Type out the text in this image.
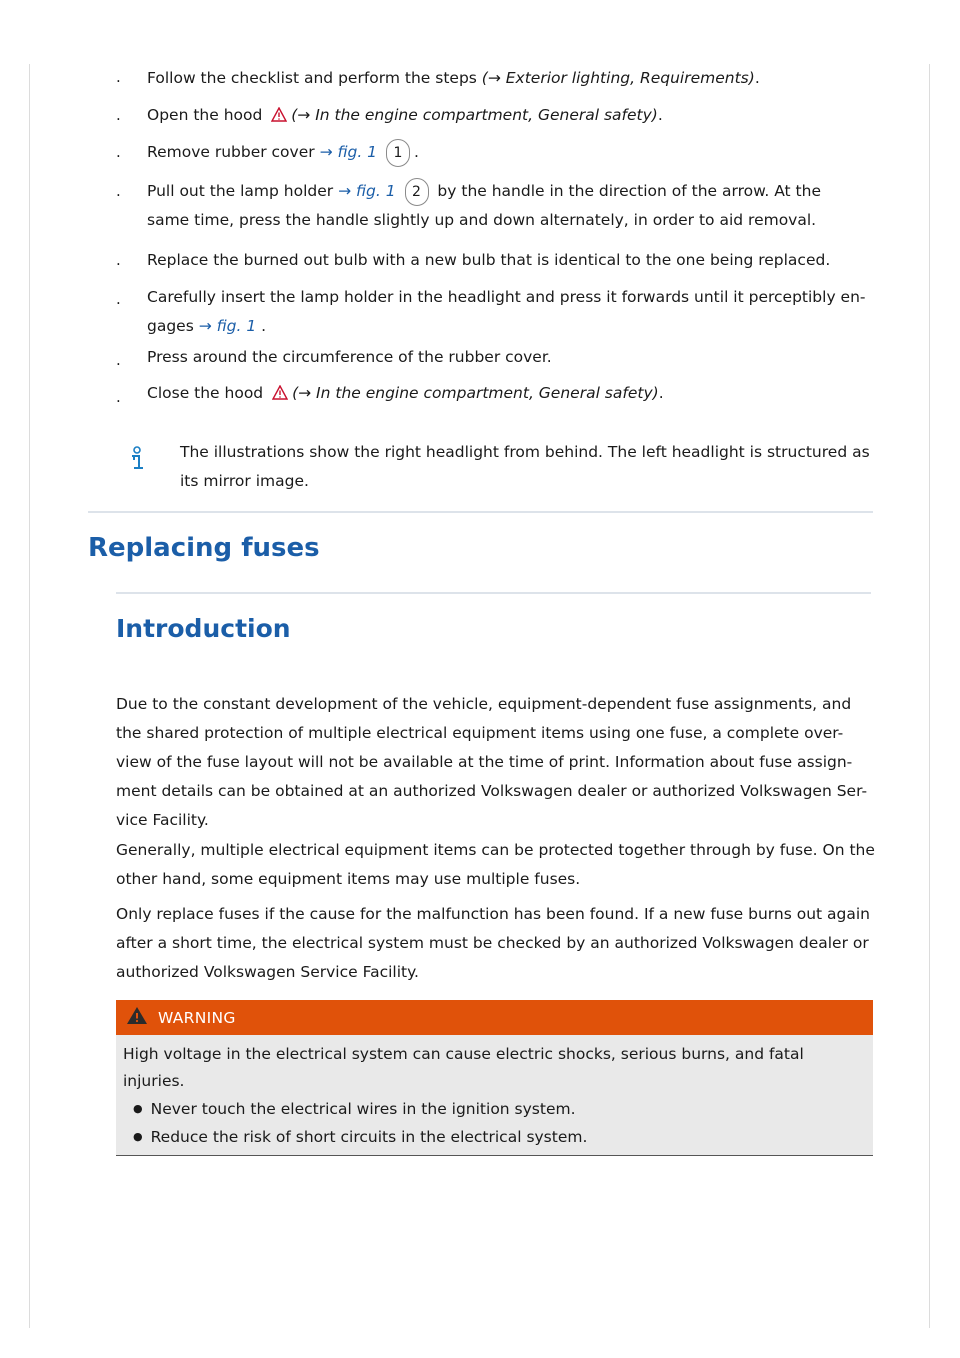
. Follow the checklist and perform the steps (→ Exterior lighting, Requirements).
. Open the hood (→ In the engine compartment, General safety).
. Remove rubber cover → fig. 1 1 .
. Pull out the lamp holder → fig. 1 2 by the handle in the direction of the arrow. At the
same time, press the handle slightly up and down alternately, in order to aid removal.
. Replace the burned out bulb with a new bulb that is identical to the one being replaced.
. Carefully insert the lamp holder in the headlight and press it forwards until it perceptibly en-
gages → fig. 1 .
. Press around the circumference of the rubber cover.
. Close the hood (→ In the engine compartment, General safety).
The illustrations show the right headlight from behind. The left headlight is structured as its mirror image.
Replacing fuses
Introduction

Due to the constant development of the vehicle, equipment-dependent fuse assignments, and the shared protection of multiple electrical equipment items using one fuse, a complete over-view of the fuse layout will not be available at the time of print. Information about fuse assign-ment details can be obtained at an authorized Volkswagen dealer or authorized Volkswagen Ser-vice Facility.

Generally, multiple electrical equipment items can be protected together through by fuse. On the other hand, some equipment items may use multiple fuses.

Only replace fuses if the cause for the malfunction has been found. If a new fuse burns out again after a short time, the electrical system must be checked by an authorized Volkswagen dealer or authorized Volkswagen Service Facility.

WARNING
High voltage in the electrical system can cause electric shocks, serious burns, and fatal injuries.
● Never touch the electrical wires in the ignition system.
● Reduce the risk of short circuits in the electrical system.
